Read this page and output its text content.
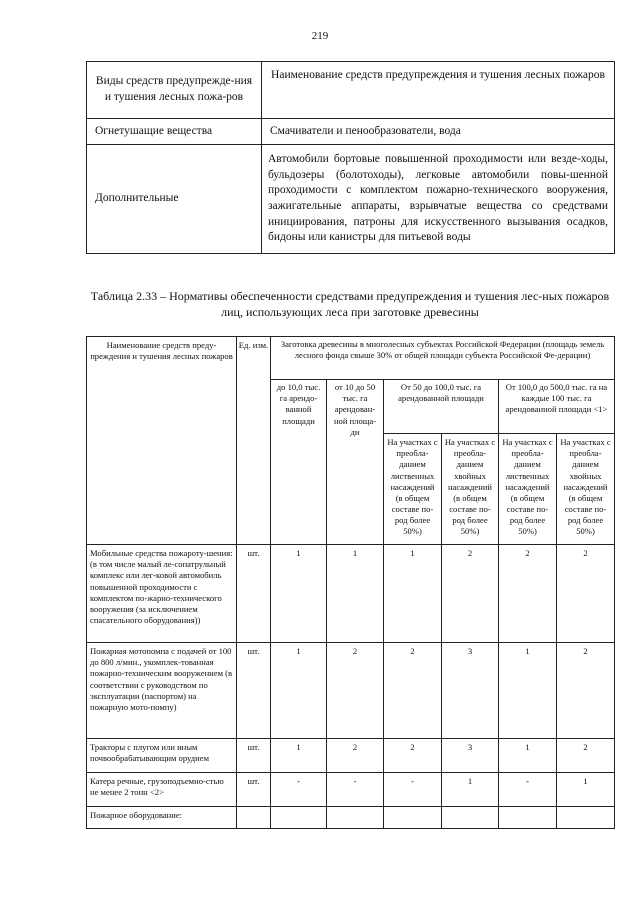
219
Виды средств предупрежде-ния и тушения лесных пожа-ров	Наименование средств предупреждения и тушения лесных пожаров
Огнетушащие вещества	Смачиватели и пенообразователи, вода
Дополнительные	Автомобили бортовые повышенной проходимости или везде-ходы, бульдозеры (болотоходы), легковые автомобили повы-шенной проходимости с комплектом пожарно-технического вооружения, зажигательные аппараты, взрывчатые вещества со средствами инициирования, патроны для искусственного вызывания осадков, бидоны или канистры для питьевой воды
Таблица 2.33 – Нормативы обеспеченности средствами предупреждения и тушения лес-ных пожаров лиц, использующих леса при заготовке древесины
Наименование средств преду-преждения и тушения лесных пожаров	Ед. изм.	Заготовка древесины в многолесных субъектах Российской Федерации (площадь земель лесного фонда свыше 30% от общей площади субъекта Российской Фе-дерации)					
		до 10,0 тыс. га арендо-ванной площади	от 10 до 50 тыс. га арендован-ной площа-ди	От 50 до 100,0 тыс. га арендованной площади		От 100,0 до 500,0 тыс. га на каждые 100 тыс. га арендованной площади <1>	
				На участках с преобла-данием лиственных насаждений (в общем составе по-род более 50%)	На участках с преобла-данием хвойных насаждений (в общем составе по-род более 50%)	На участках с преобла-данием лиственных насаждений (в общем составе по-род более 50%)	На участках с преобла-данием хвойных насаждений (в общем составе по-род более 50%)
Мобильные средства пожароту-шения: (в том числе малый ле-сопатрульный комплекс или лег-ковой автомобиль повышенной проходимости с комплектом по-жарно-технического вооружения (за исключением спасательного оборудования))	шт.	1	1	1	2	2	2
Пожарная мотопомпа с подачей от 100 до 800 л/мин., укомплек-тованная пожарно-техническим вооружением (в соответствии с руководством по эксплуатации (паспортом) на пожарную мото-помпу)	шт.	1	2	2	3	1	2
Тракторы с плугом или иным почвообрабатывающим орудием	шт.	1	2	2	3	1	2
Катера речные, грузоподъемно-стью не менее 2 тонн <2>	шт.	-	-	-	1	-	1
Пожарное оборудование:							
